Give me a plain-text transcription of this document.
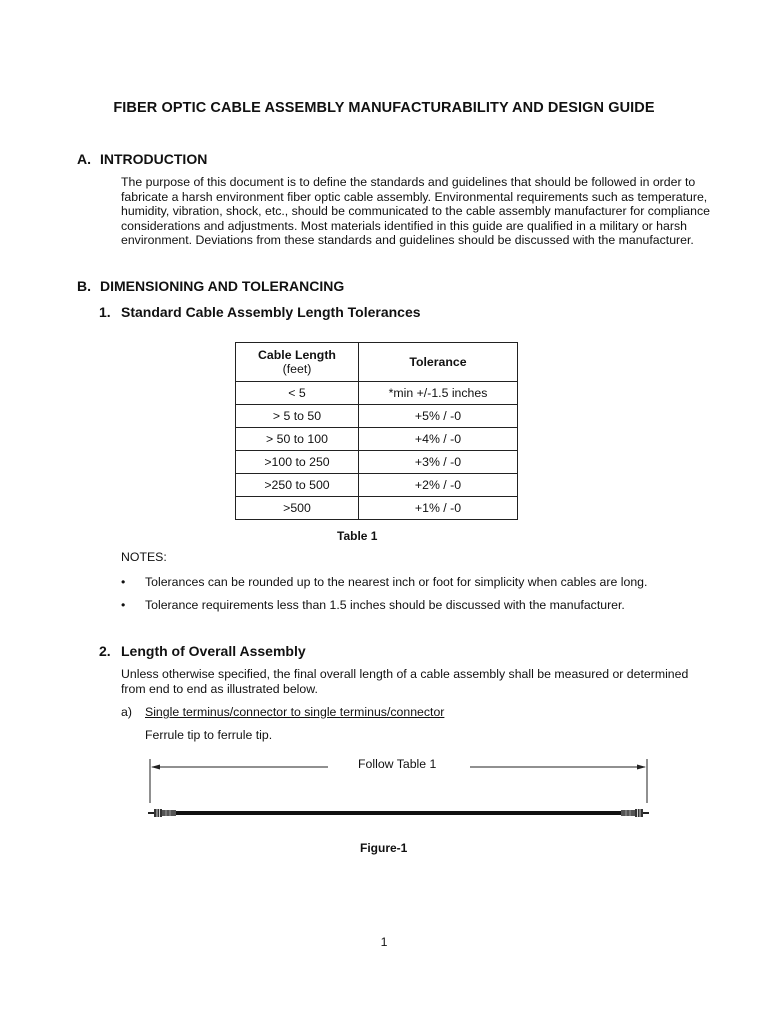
FIBER OPTIC CABLE ASSEMBLY MANUFACTURABILITY AND DESIGN GUIDE
A. INTRODUCTION

The purpose of this document is to define the standards and guidelines that should be followed in order to fabricate a harsh environment fiber optic cable assembly. Environmental requirements such as temperature, humidity, vibration, shock, etc., should be communicated to the cable assembly manufacturer for compliance considerations and adjustments. Most materials identified in this guide are qualified in a military or harsh environment. Deviations from these standards and guidelines should be discussed with the manufacturer.

B. DIMENSIONING AND TOLERANCING
1. Standard Cable Assembly Length Tolerances
Cable Length
(feet)	Tolerance

< 5	*min +/-1.5 inches
> 5 to 50	+5% / -0
> 50 to 100	+4% / -0
>100 to 250	+3% / -0
>250 to 500	+2% / -0
>500	+1% / -0
Table 1
NOTES:
• Tolerances can be rounded up to the nearest inch or foot for simplicity when cables are long.
• Tolerance requirements less than 1.5 inches should be discussed with the manufacturer.
2. Length of Overall Assembly

Unless otherwise specified, the final overall length of a cable assembly shall be measured or determined from end to end as illustrated below.

a) Single terminus/connector to single terminus/connector
Ferrule tip to ferrule tip.
Follow Table 1
Figure-1
1
